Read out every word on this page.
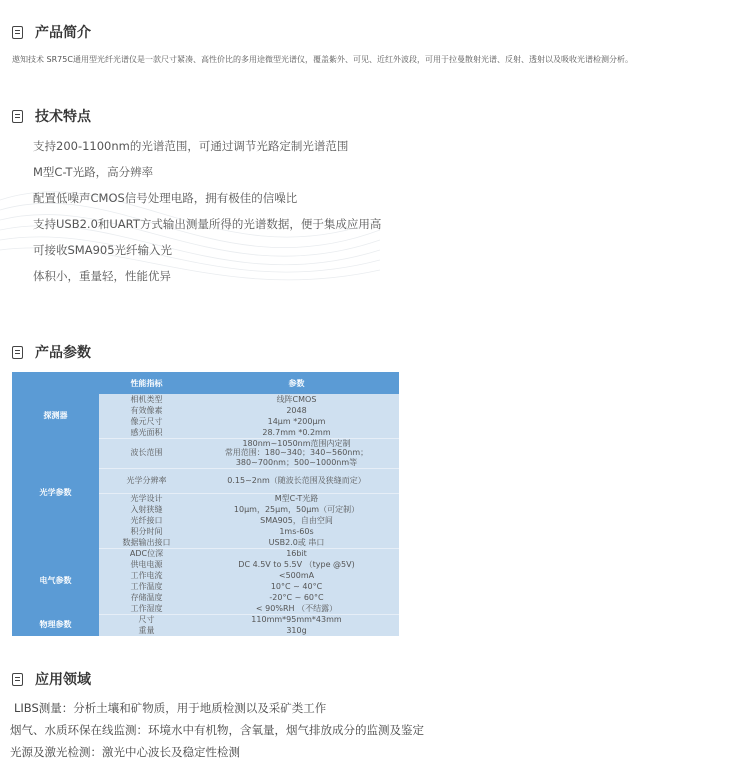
产品简介
遨知技术 SR75C通用型光纤光谱仪是一款尺寸紧凑、高性价比的多用途微型光谱仪，覆盖紫外、可见、近红外波段，可用于拉曼散射光谱、反射、透射以及吸收光谱检测分析。
技术特点
支持200-1100nm的光谱范围，可通过调节光路定制光谱范围
M型C-T光路，高分辨率
配置低噪声CMOS信号处理电路，拥有极佳的信噪比
支持USB2.0和UART方式输出测量所得的光谱数据，便于集成应用高
可接收SMA905光纤输入光
体积小，重量轻，性能优异
产品参数
	性能指标	参数
探测器	相机类型	线阵CMOS
	有效像素	2048
	像元尺寸	14μm *200μm
	感光面积	28.7mm *0.2mm
光学参数	波长范围	180nm~1050nm范围内定制
常用范围：180~340；340~560nm；
380~700nm；500~1000nm等

	光学分辨率	0.15~2nm（随波长范围及狭缝而定）
	光学设计	M型C-T光路
	入射狭缝	10μm，25μm，50μm（可定制）
	光纤接口	SMA905，自由空间
	积分时间	1ms-60s
	数据输出接口	USB2.0或 串口
电气参数	ADC位深	16bit
	供电电源	DC 4.5V to 5.5V （type @5V)
	工作电流	<500mA
	工作温度	10°C ~ 40°C
	存储温度	-20°C ~ 60°C
	工作湿度	< 90%RH （不结露）
物理参数	尺寸	110mm*95mm*43mm
	重量	310g
应用领域
LIBS测量：分析土壤和矿物质，用于地质检测以及采矿类工作
烟气、水质环保在线监测：环境水中有机物，含氧量，烟气排放成分的监测及鉴定
光源及激光检测：激光中心波长及稳定性检测
